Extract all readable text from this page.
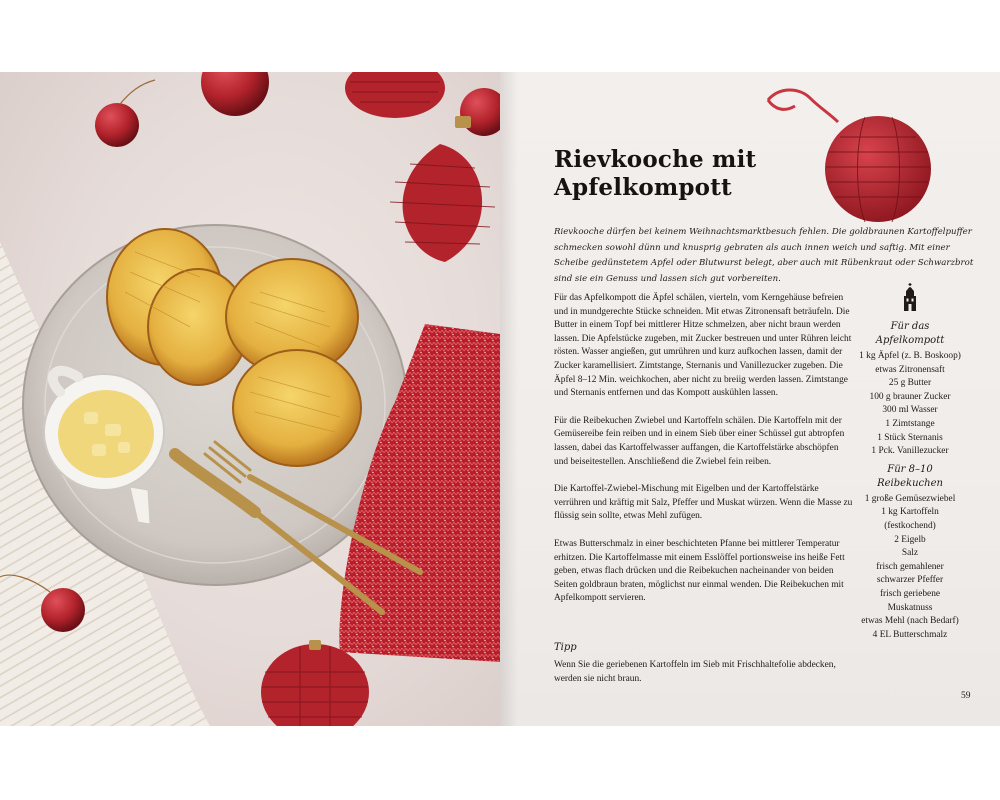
Rievkooche mit
Apfelkompott
Rievkooche dürfen bei keinem Weihnachtsmarktbesuch fehlen. Die goldbraunen Kartoffelpuffer schmecken sowohl dünn und knusprig gebraten als auch innen weich und saftig. Mit einer Scheibe gedünstetem Apfel oder Blutwurst belegt, aber auch mit Rübenkraut oder Schwarzbrot sind sie ein Genuss und lassen sich gut vorbereiten.

Für das Apfelkompott die Äpfel schälen, vierteln, vom Kerngehäuse befreien und in mundgerechte Stücke schneiden. Mit etwas Zitronensaft beträufeln. Die Butter in einem Topf bei mittlerer Hitze schmelzen, aber nicht braun werden lassen. Die Apfelstücke zugeben, mit Zucker bestreuen und unter Rühren leicht rösten. Wasser angießen, gut umrühren und kurz aufkochen lassen, damit der Zucker karamellisiert. Zimtstange, Sternanis und Vanillezucker zugeben. Die Äpfel 8–12 Min. weichkochen, aber nicht zu breiig werden lassen. Zimtstange und Sternanis entfernen und das Kompott auskühlen lassen.

Für die Reibekuchen Zwiebel und Kartoffeln schälen. Die Kartoffeln mit der Gemüsereibe fein reiben und in einem Sieb über einer Schüssel gut abtropfen lassen, dabei das Kartoffelwasser auffangen, die Kartoffelstärke abschöpfen und beiseitestellen. Anschließend die Zwiebel fein reiben.

Die Kartoffel-Zwiebel-Mischung mit Eigelben und der Kartoffelstärke verrühren und kräftig mit Salz, Pfeffer und Muskat würzen. Wenn die Masse zu flüssig sein sollte, etwas Mehl zufügen.

Etwas Butterschmalz in einer beschichteten Pfanne bei mittlerer Temperatur erhitzen. Die Kartoffelmasse mit einem Esslöffel portionsweise ins heiße Fett geben, etwas flach drücken und die Reibekuchen nacheinander von beiden Seiten goldbraun braten, möglichst nur einmal wenden. Die Reibekuchen mit Apfelkompott servieren.

Tipp
Wenn Sie die geriebenen Kartoffeln im Sieb mit Frischhaltefolie abdecken, werden sie nicht braun.
Für das Apfelkompott
1 kg Äpfel (z. B. Boskoop)
etwas Zitronensaft
25 g Butter
100 g brauner Zucker
300 ml Wasser
1 Zimtstange
1 Stück Sternanis
1 Pck. Vanillezucker
Für 8–10 Reibekuchen
1 große Gemüsezwiebel
1 kg Kartoffeln
(festkochend)
2 Eigelb
Salz
frisch gemahlener
schwarzer Pfeffer
frisch geriebene
Muskatnuss
etwas Mehl (nach Bedarf)
4 EL Butterschmalz
59
